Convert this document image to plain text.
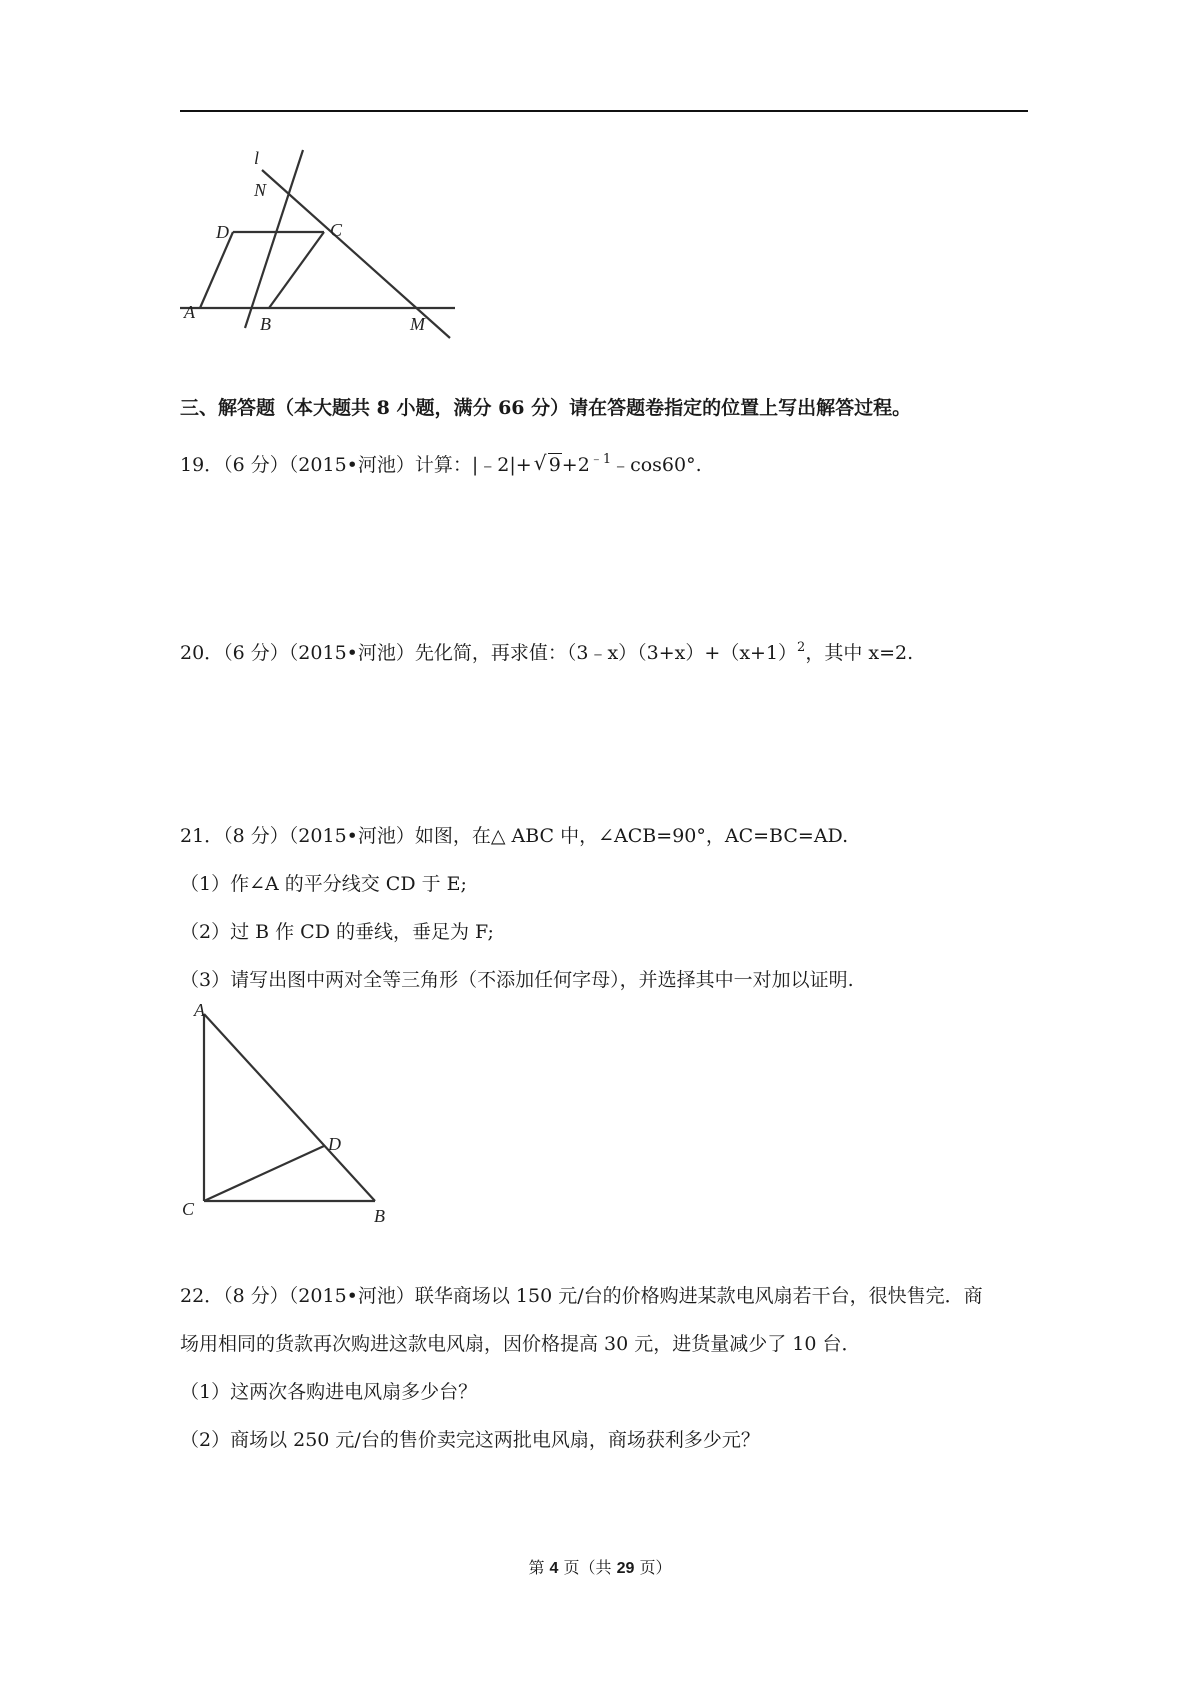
l
N
D	C
A
B	M
三、解答题（本大题共 8 小题，满分 66 分）请在答题卷指定的位置上写出解答过程。
19．（6 分）（2015•河池）计算：|﹣2|+ √ $9+2^{﹣1}﹣\cos 60^\circ$.
20．（6 分）（2015•河池）先化简，再求值：$(3﹣x)(3+x)+(x+1)^2$，其中 x=2.
21．（8 分）（2015•河池）如图，在△ ABC 中，∠ACB=90°，AC=BC=AD.
（1）作∠A 的平分线交 CD 于 E;
（2）过 B 作 CD 的垂线，垂足为 F;
（3）请写出图中两对全等三角形（不添加任何字母），并选择其中一对加以证明.
A
D
C	B
22．（8 分）（2015•河池）联华商场以 150 元/台的价格购进某款电风扇若干台，很快售完．商
场用相同的货款再次购进这款电风扇，因价格提高 30 元，进货量减少了 10 台．
（1）这两次各购进电风扇多少台？
（2）商场以 250 元/台的售价卖完这两批电风扇，商场获利多少元？
第 4 页（共 29 页）
